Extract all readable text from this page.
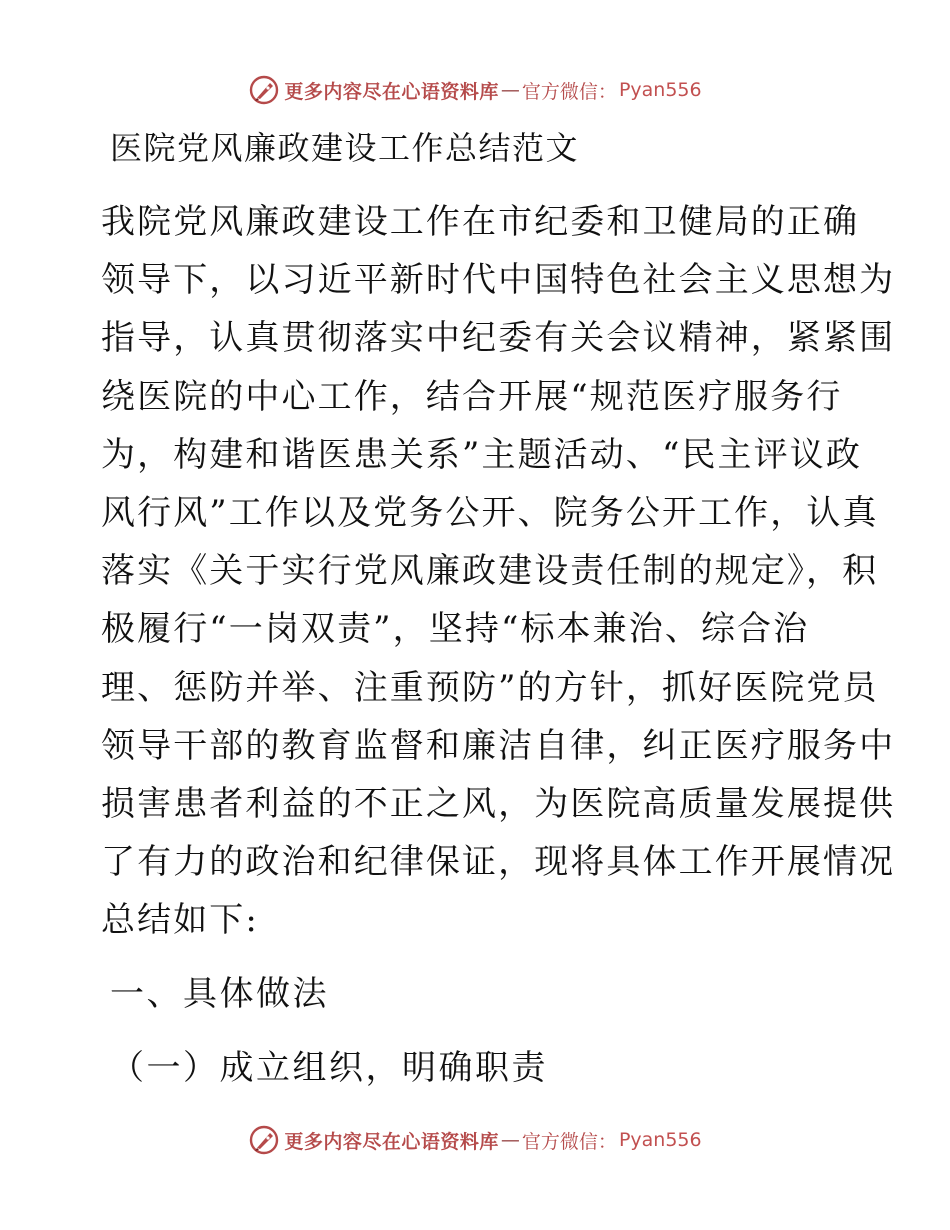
更多内容尽在心语资料库 — 官方微信： Pyan556
医院党风廉政建设工作总结范文
我院党风廉政建设工作在市纪委和卫健局的正确
领导下，以习近平新时代中国特色社会主义思想为
指导，认真贯彻落实中纪委有关会议精神，紧紧围
绕医院的中心工作，结合开展“规范医疗服务行
为，构建和谐医患关系”主题活动、“民主评议政
风行风”工作以及党务公开、院务公开工作，认真
落实《关于实行党风廉政建设责任制的规定》，积
极履行“一岗双责”，坚持“标本兼治、综合治
理、惩防并举、注重预防”的方针，抓好医院党员
领导干部的教育监督和廉洁自律，纠正医疗服务中
损害患者利益的不正之风，为医院高质量发展提供
了有力的政治和纪律保证，现将具体工作开展情况
总结如下:
一、具体做法
（一）成立组织，明确职责
更多内容尽在心语资料库 — 官方微信： Pyan556
